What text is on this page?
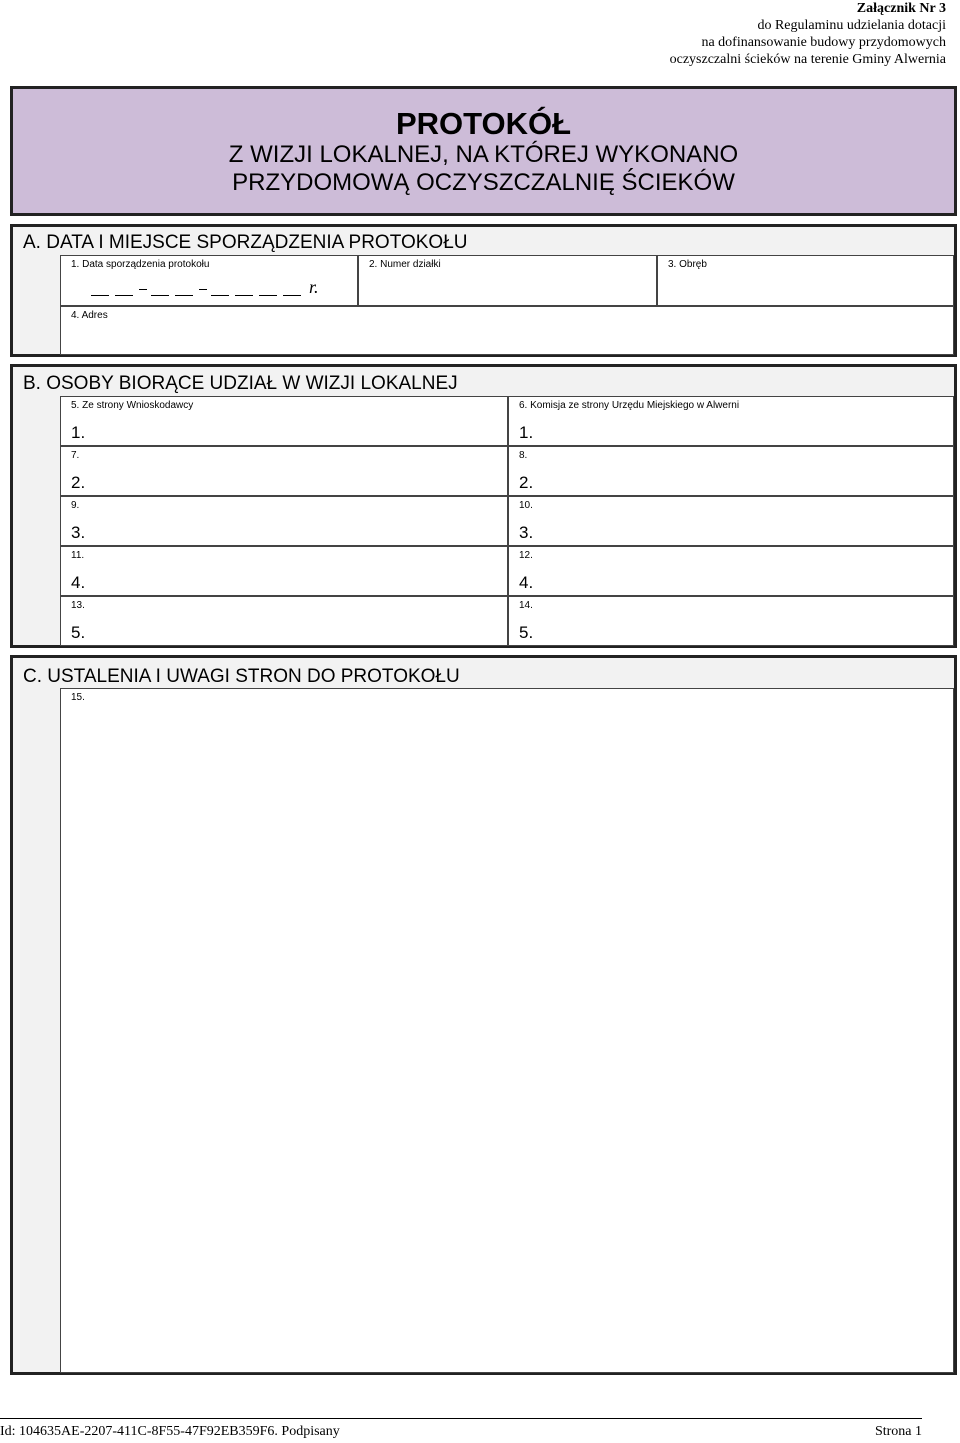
Załącznik Nr 3
do Regulaminu udzielania dotacji
na dofinansowanie budowy przydomowych
oczyszczalni ścieków na terenie Gminy Alwernia
PROTOKÓŁ
Z WIZJI LOKALNEJ, NA KTÓREJ WYKONANO
PRZYDOMOWĄ OCZYSZCZALNIĘ ŚCIEKÓW
A. DATA I MIEJSCE SPORZĄDZENIA PROTOKOŁU
1. Data sporządzenia protokołu
r.
2. Numer działki	3. Obręb
4. Adres
B. OSOBY BIORĄCE UDZIAŁ W WIZJI LOKALNEJ
5. Ze strony Wnioskodawcy
1.
6. Komisja ze strony Urzędu Miejskiego w Alwerni
1.
7.
2.
8.
2.
9.
3.
10.
3.
11.
4.
12.
4.
13.
5.
14.
5.
C. USTALENIA I UWAGI STRON DO PROTOKOŁU
15.
Id: 104635AE-2207-411C-8F55-47F92EB359F6. Podpisany	Strona 1
